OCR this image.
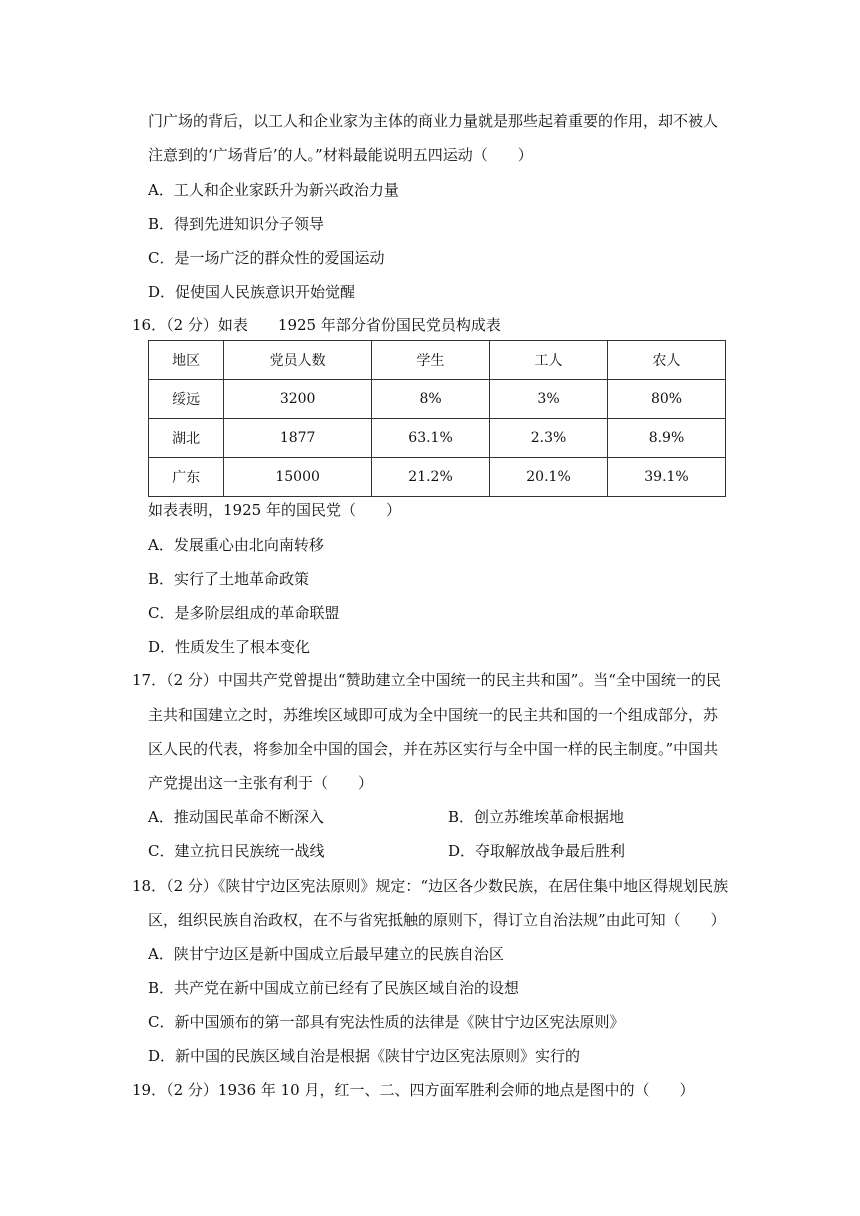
门广场的背后，以工人和企业家为主体的商业力量就是那些起着重要的作用，却不被人
注意到的‘广场背后’的人。”材料最能说明五四运动（　　）
A．工人和企业家跃升为新兴政治力量
B．得到先进知识分子领导
C．是一场广泛的群众性的爱国运动
D．促使国人民族意识开始觉醒
16．（2 分）如表　　1925 年部分省份国民党员构成表
地区	党员人数	学生	工人	农人
绥远	3200	8%	3%	80%
湖北	1877	63.1%	2.3%	8.9%
广东	15000	21.2%	20.1%	39.1%
如表表明，1925 年的国民党（　　）
A．发展重心由北向南转移
B．实行了土地革命政策
C．是多阶层组成的革命联盟
D．性质发生了根本变化
17．（2 分）中国共产党曾提出“赞助建立全中国统一的民主共和国”。当“全中国统一的民
主共和国建立之时，苏维埃区域即可成为全中国统一的民主共和国的一个组成部分，苏
区人民的代表，将参加全中国的国会，并在苏区实行与全中国一样的民主制度。”中国共
产党提出这一主张有利于（　　）
A．推动国民革命不断深入	B．创立苏维埃革命根据地
C．建立抗日民族统一战线	D．夺取解放战争最后胜利
18．（2 分）《陕甘宁边区宪法原则》规定：“边区各少数民族，在居住集中地区得规划民族
区，组织民族自治政权，在不与省宪抵触的原则下，得订立自治法规”由此可知（　　）
A．陕甘宁边区是新中国成立后最早建立的民族自治区
B．共产党在新中国成立前已经有了民族区域自治的设想
C．新中国颁布的第一部具有宪法性质的法律是《陕甘宁边区宪法原则》
D．新中国的民族区域自治是根据《陕甘宁边区宪法原则》实行的
19．（2 分）1936 年 10 月，红一、二、四方面军胜利会师的地点是图中的（　　）
